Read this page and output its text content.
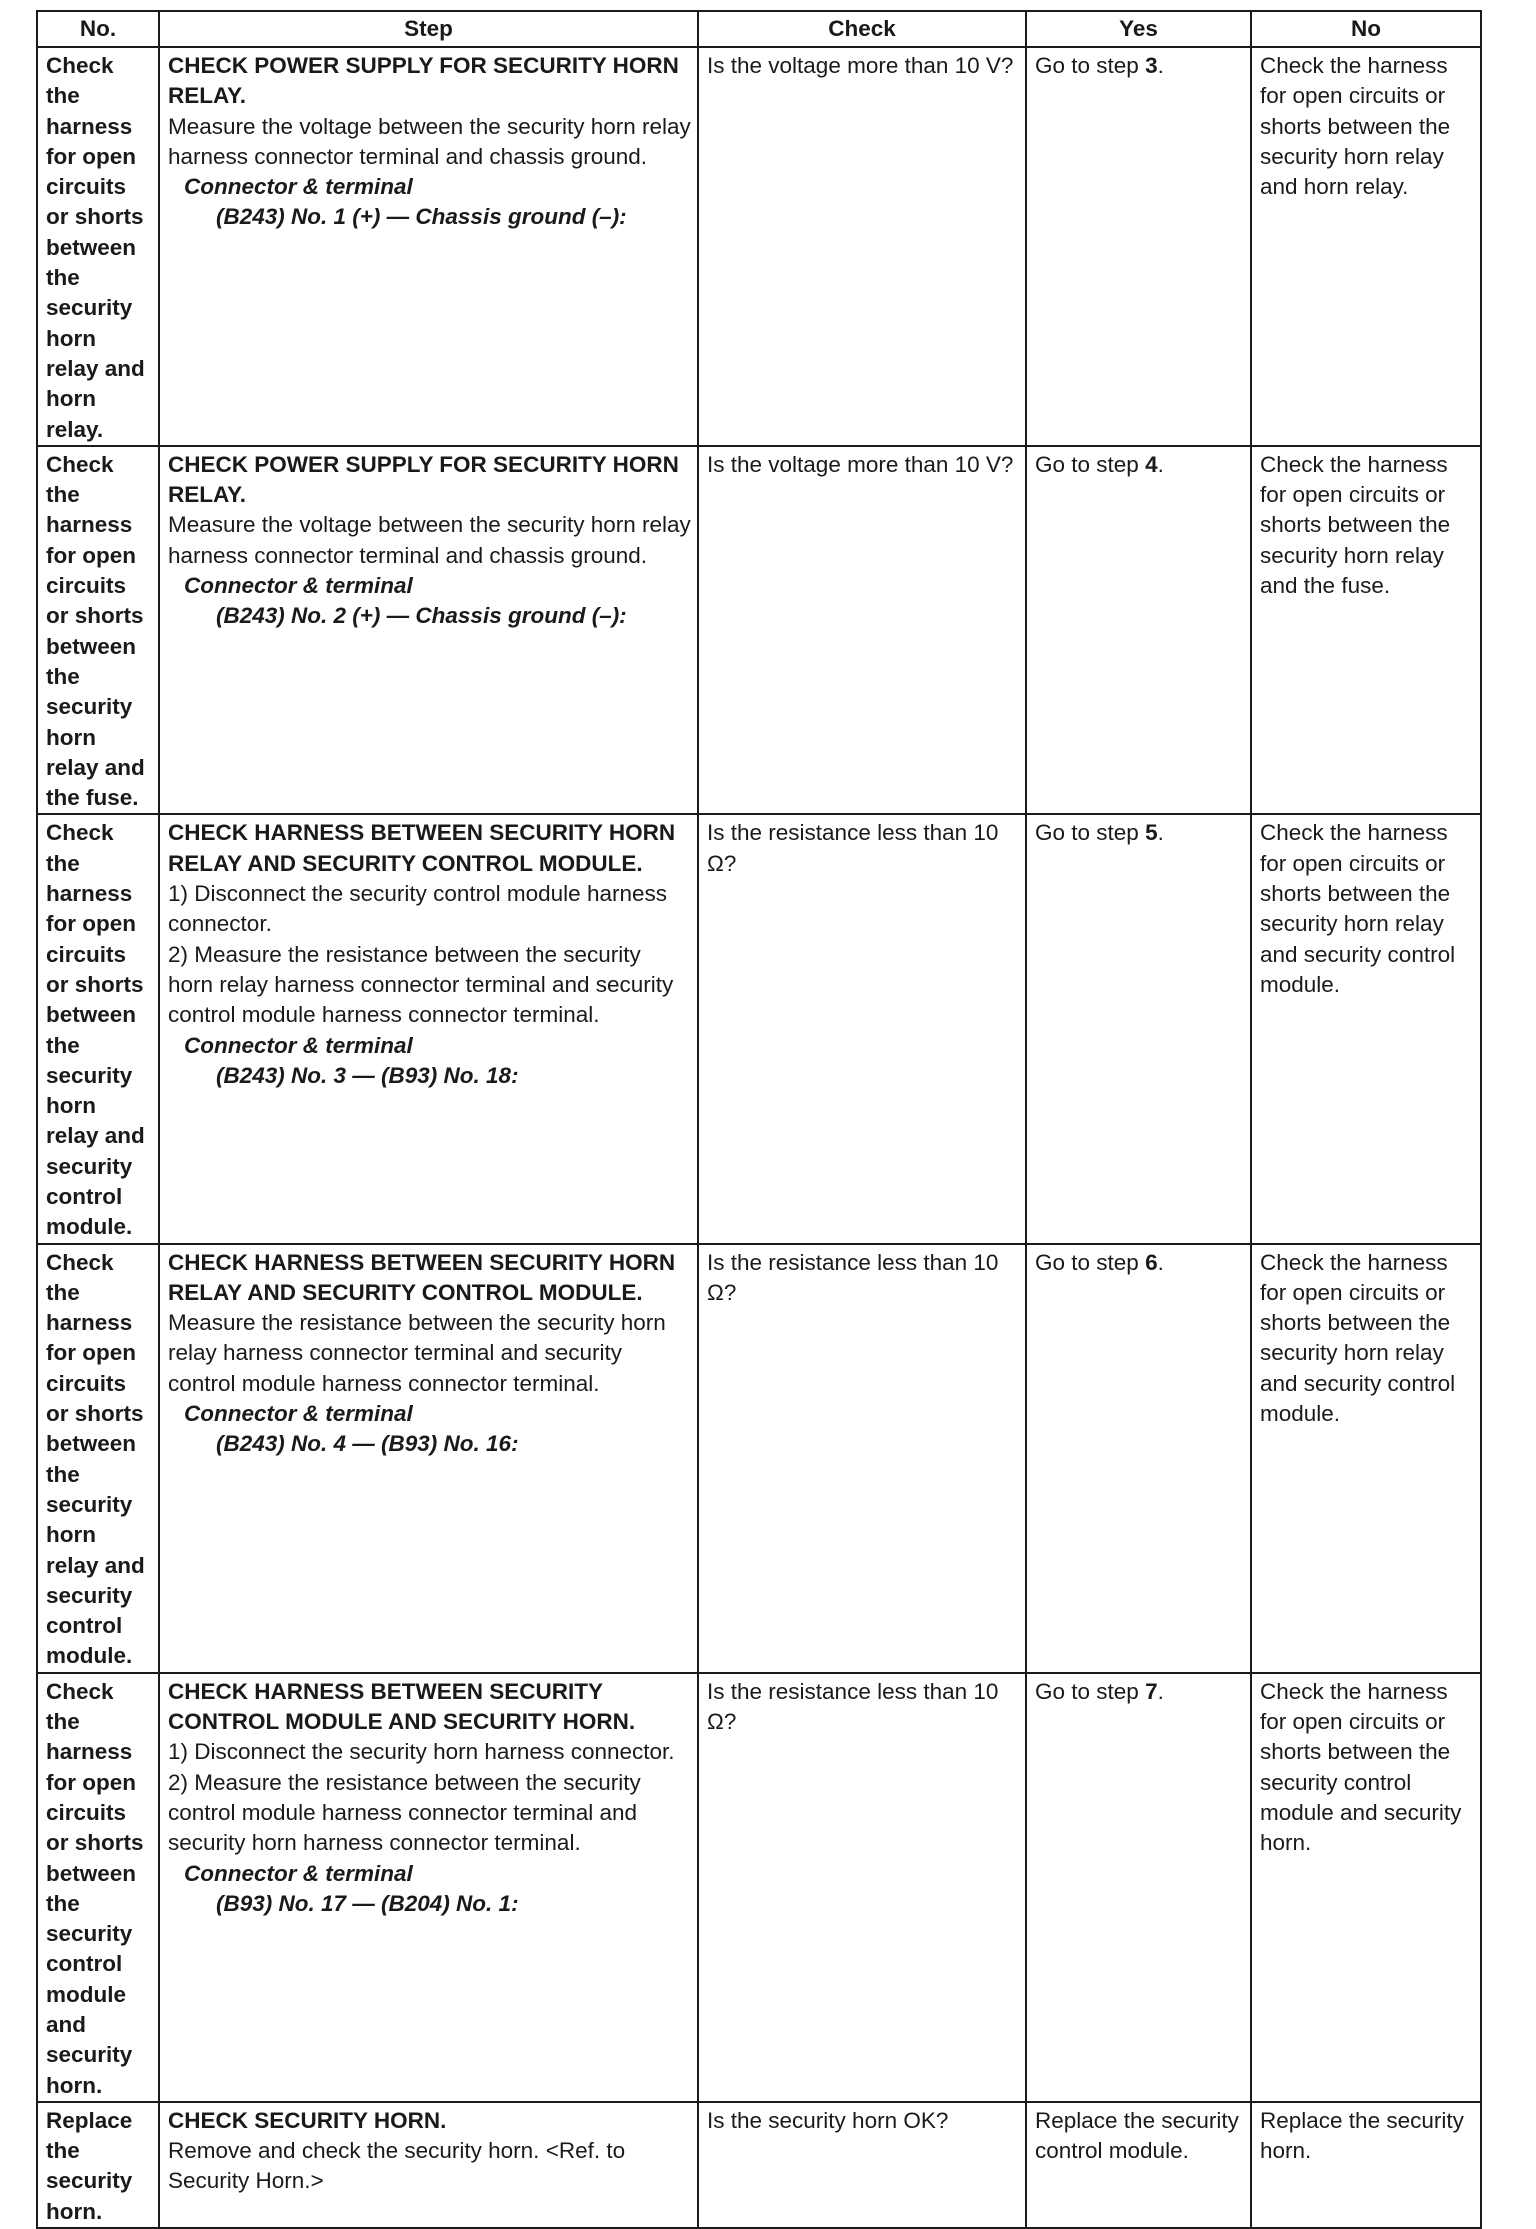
No.	Step	Check	Yes	No
Check the harness for open circuits or shorts between the security horn relay and horn relay.	CHECK POWER SUPPLY FOR SECURITY HORN RELAY.
Measure the voltage between the security horn relay harness connector terminal and chassis ground.
Connector & terminal
(B243) No. 1 (+) — Chassis ground (–):	Is the voltage more than 10 V?	Go to step 3.	Check the harness for open circuits or shorts between the security horn relay and horn relay.
Check the harness for open circuits or shorts between the security horn relay and the fuse.	CHECK POWER SUPPLY FOR SECURITY HORN RELAY.
Measure the voltage between the security horn relay harness connector terminal and chassis ground.
Connector & terminal
(B243) No. 2 (+) — Chassis ground (–):	Is the voltage more than 10 V?	Go to step 4.	Check the harness for open circuits or shorts between the security horn relay and the fuse.
Check the harness for open circuits or shorts between the security horn relay and security control module.	CHECK HARNESS BETWEEN SECURITY HORN RELAY AND SECURITY CONTROL MODULE.
1) Disconnect the security control module harness connector.
2) Measure the resistance between the security horn relay harness connector terminal and security control module harness connector terminal.
Connector & terminal
(B243) No. 3 — (B93) No. 18:	Is the resistance less than 10 Ω?	Go to step 5.	Check the harness for open circuits or shorts between the security horn relay and security control module.
Check the harness for open circuits or shorts between the security horn relay and security control module.	CHECK HARNESS BETWEEN SECURITY HORN RELAY AND SECURITY CONTROL MODULE.
Measure the resistance between the security horn relay harness connector terminal and security control module harness connector terminal.
Connector & terminal
(B243) No. 4 — (B93) No. 16:	Is the resistance less than 10 Ω?	Go to step 6.	Check the harness for open circuits or shorts between the security horn relay and security control module.
Check the harness for open circuits or shorts between the security control module and security horn.	CHECK HARNESS BETWEEN SECURITY CONTROL MODULE AND SECURITY HORN.
1) Disconnect the security horn harness connector.
2) Measure the resistance between the security control module harness connector terminal and security horn harness connector terminal.
Connector & terminal
(B93) No. 17 — (B204) No. 1:	Is the resistance less than 10 Ω?	Go to step 7.	Check the harness for open circuits or shorts between the security control module and security horn.
Replace the security horn.	CHECK SECURITY HORN.
Remove and check the security horn. <Ref. to Security Horn.>	Is the security horn OK?	Replace the security control module.	Replace the security horn.
